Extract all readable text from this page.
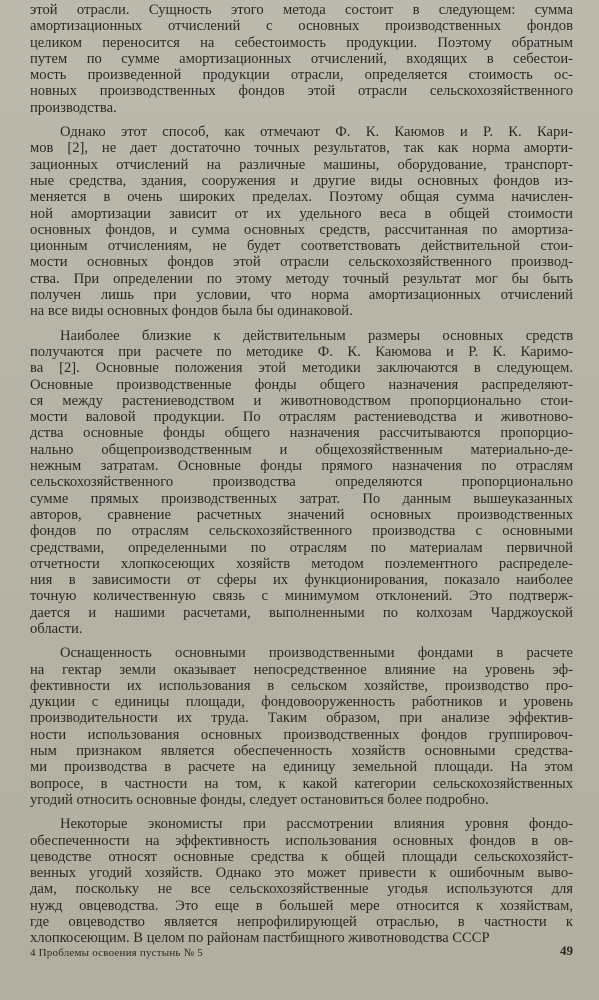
этой отрасли. Сущность этого метода состоит в следующем: сумма
амортизационных отчислений с основных производственных фондов
целиком переносится на себестоимость продукции. Поэтому обратным
путем по сумме амортизационных отчислений, входящих в себестои-
мость произведенной продукции отрасли, определяется стоимость ос-
новных производственных фондов этой отрасли сельскохозяйственного
производства.
Однако этот способ, как отмечают Ф. К. Каюмов и Р. К. Кари-
мов [2], не дает достаточно точных результатов, так как норма аморти-
зационных отчислений на различные машины, оборудование, транспорт-
ные средства, здания, сооружения и другие виды основных фондов из-
меняется в очень широких пределах. Поэтому общая сумма начислен-
ной амортизации зависит от их удельного веса в общей стоимости
основных фондов, и сумма основных средств, рассчитанная по амортиза-
ционным отчислениям, не будет соответствовать действительной стои-
мости основных фондов этой отрасли сельскохозяйственного производ-
ства. При определении по этому методу точный результат мог бы быть
получен лишь при условии, что норма амортизационных отчислений
на все виды основных фондов была бы одинаковой.
Наиболее близкие к действительным размеры основных средств
получаются при расчете по методике Ф. К. Каюмова и Р. К. Каримо-
ва [2]. Основные положения этой методики заключаются в следующем.
Основные производственные фонды общего назначения распределяют-
ся между растениеводством и животноводством пропорционально стои-
мости валовой продукции. По отраслям растениеводства и животново-
дства основные фонды общего назначения рассчитываются пропорцио-
нально общепроизводственным и общехозяйственным материально-де-
нежным затратам. Основные фонды прямого назначения по отраслям
сельскохозяйственного производства определяются пропорционально
сумме прямых производственных затрат. По данным вышеуказанных
авторов, сравнение расчетных значений основных производственных
фондов по отраслям сельскохозяйственного производства с основными
средствами, определенными по отраслям по материалам первичной
отчетности хлопкосеющих хозяйств методом поэлементного распределе-
ния в зависимости от сферы их функционирования, показало наиболее
точную количественную связь с минимумом отклонений. Это подтверж-
дается и нашими расчетами, выполненными по колхозам Чарджоуской
области.
Оснащенность основными производственными фондами в расчете
на гектар земли оказывает непосредственное влияние на уровень эф-
фективности их использования в сельском хозяйстве, производство про-
дукции с единицы площади, фондовооруженность работников и уровень
производительности их труда. Таким образом, при анализе эффектив-
ности использования основных производственных фондов группировоч-
ным признаком является обеспеченность хозяйств основными средства-
ми производства в расчете на единицу земельной площади. На этом
вопросе, в частности на том, к какой категории сельскохозяйственных
угодий относить основные фонды, следует остановиться более подробно.
Некоторые экономисты при рассмотрении влияния уровня фондо-
обеспеченности на эффективность использования основных фондов в ов-
цеводстве относят основные средства к общей площади сельскохозяйст-
венных угодий хозяйств. Однако это может привести к ошибочным выво-
дам, поскольку не все сельскохозяйственные угодья используются для
нужд овцеводства. Это еще в большей мере относится к хозяйствам,
где овцеводство является непрофилирующей отраслью, в частности к
хлопкосеющим. В целом по районам пастбищного животноводства СССР
4 Проблемы освоения пустынь № 5	49
